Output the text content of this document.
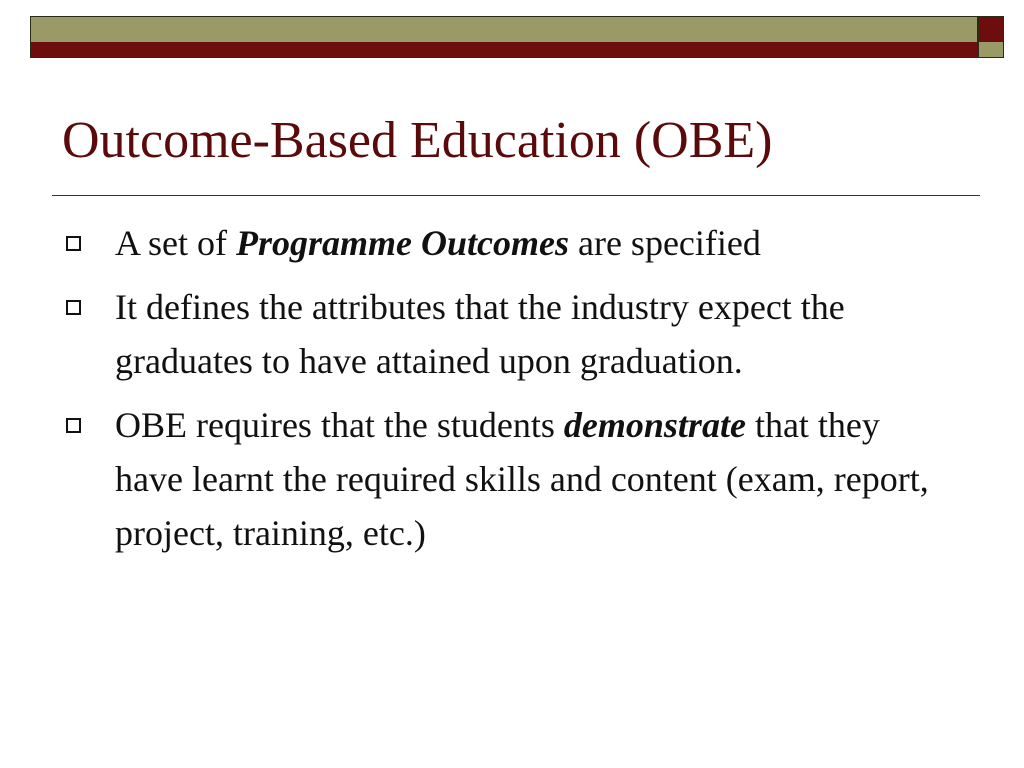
Outcome-Based Education (OBE)
A set of Programme Outcomes are specified
It defines the attributes that the industry expect the graduates to have attained upon graduation.
OBE requires that the students demonstrate that they have learnt the required skills and content (exam, report, project, training, etc.)
